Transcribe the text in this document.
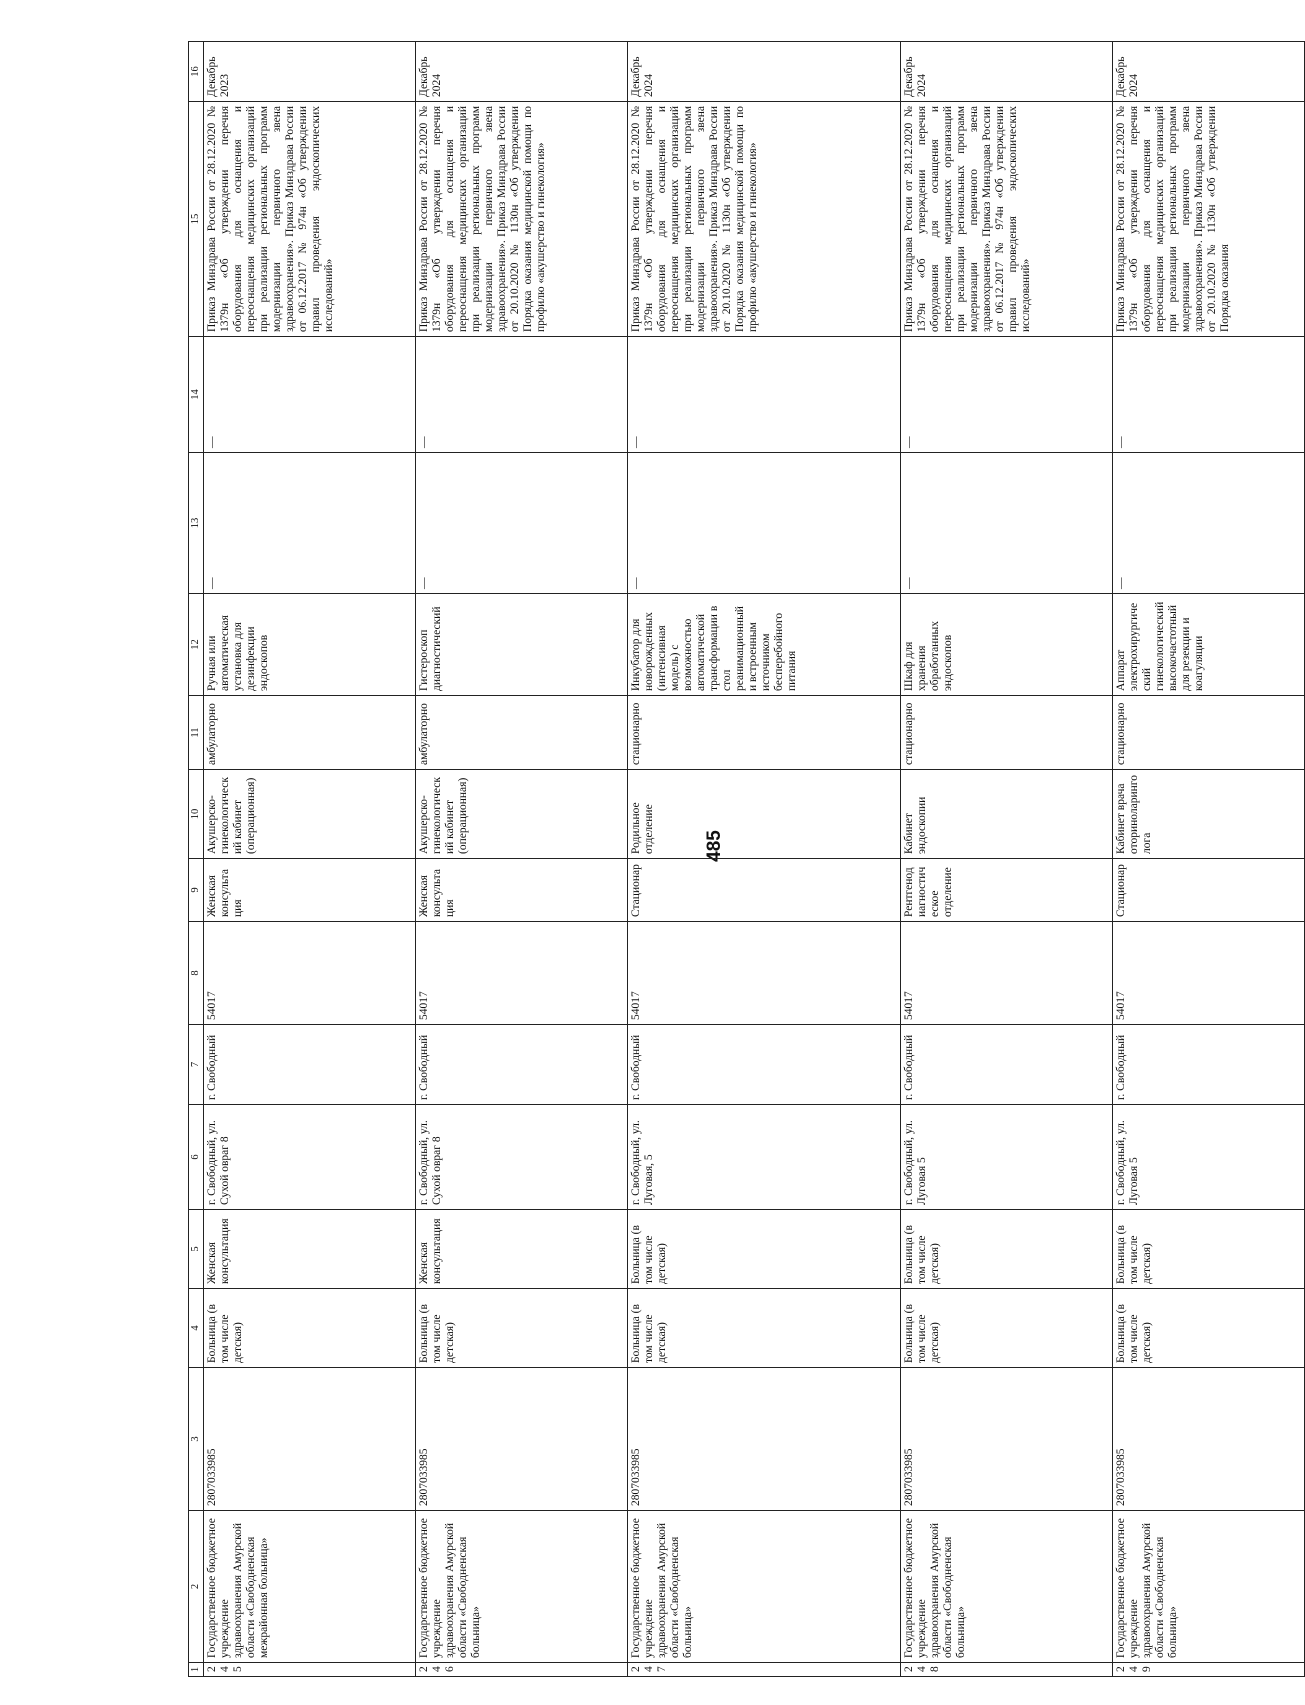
485
1	2	3	4	5	6	7	8	9	10	11	12	13	14	15	16
245	Государственное бюджетное учреждение здравоохранения Амурской области «Свободненская межрайонная больница»	2807033985	Больница (в том числе детская)	Женская консультация	г. Свободный, ул. Сухой овраг 8	г. Свободный	54017	Женская консультация	Акушерско-гинекологический кабинет (операционная)	амбулаторно	Ручная или автоматическая установка для дезинфекции эндоскопов	—	—	Приказ Минздрава России от 28.12.2020 № 1379н «Об утверждении перечня оборудования для оснащения и переоснащения медицинских организаций при реализации региональных программ модернизации первичного звена здравоохранения». Приказ Минздрава России от 06.12.2017 № 974н «Об утверждении правил проведения эндоскопических исследований»	Декабрь 2023
246	Государственное бюджетное учреждение здравоохранения Амурской области «Свободненская больница»	2807033985	Больница (в том числе детская)	Женская консультация	г. Свободный, ул. Сухой овраг 8	г. Свободный	54017	Женская консультация	Акушерско-гинекологический кабинет (операционная)	амбулаторно	Гистероскоп диагностический	—	—	Приказ Минздрава России от 28.12.2020 № 1379н «Об утверждении перечня оборудования для оснащения и переоснащения медицинских организаций при реализации региональных программ модернизации первичного звена здравоохранения». Приказ Минздрава России от 20.10.2020 № 1130н «Об утверждении Порядка оказания медицинской помощи по профилю «акушерство и гинекология»	Декабрь 2024
247	Государственное бюджетное учреждение здравоохранения Амурской области «Свободненская больница»	2807033985	Больница (в том числе детская)	Больница (в том числе детская)	г. Свободный, ул. Луговая, 5	г. Свободный	54017	Стационар	Родильное отделение	стационарно	Инкубатор для новорожденных (интенсивная модель) с возможностью автоматической трансформации в стол реанимационный и встроенным источником бесперебойного питания	—	—	Приказ Минздрава России от 28.12.2020 № 1379н «Об утверждении перечня оборудования для оснащения и переоснащения медицинских организаций при реализации региональных программ модернизации первичного звена здравоохранения». Приказ Минздрава России от 20.10.2020 № 1130н «Об утверждении Порядка оказания медицинской помощи по профилю «акушерство и гинекология»	Декабрь 2024
248	Государственное бюджетное учреждение здравоохранения Амурской области «Свободненская больница»	2807033985	Больница (в том числе детская)	Больница (в том числе детская)	г. Свободный, ул. Луговая 5	г. Свободный	54017	Рентгенодиагностическое отделение	Кабинет эндоскопии	стационарно	Шкаф для хранения обработанных эндоскопов	—	—	Приказ Минздрава России от 28.12.2020 № 1379н «Об утверждении перечня оборудования для оснащения и переоснащения медицинских организаций при реализации региональных программ модернизации первичного звена здравоохранения». Приказ Минздрава России от 06.12.2017 № 974н «Об утверждении правил проведения эндоскопических исследований»	Декабрь 2024
249	Государственное бюджетное учреждение здравоохранения Амурской области «Свободненская больница»	2807033985	Больница (в том числе детская)	Больница (в том числе детская)	г. Свободный, ул. Луговая 5	г. Свободный	54017	Стационар	Кабинет врача оториноларинголога	стационарно	Аппарат электрохирургический гинекологический высокочастотный для резекции и коагуляции	—	—	Приказ Минздрава России от 28.12.2020 № 1379н «Об утверждении перечня оборудования для оснащения и переоснащения медицинских организаций при реализации региональных программ модернизации первичного звена здравоохранения». Приказ Минздрава России от 20.10.2020 № 1130н «Об утверждении Порядка оказания	Декабрь 2024
